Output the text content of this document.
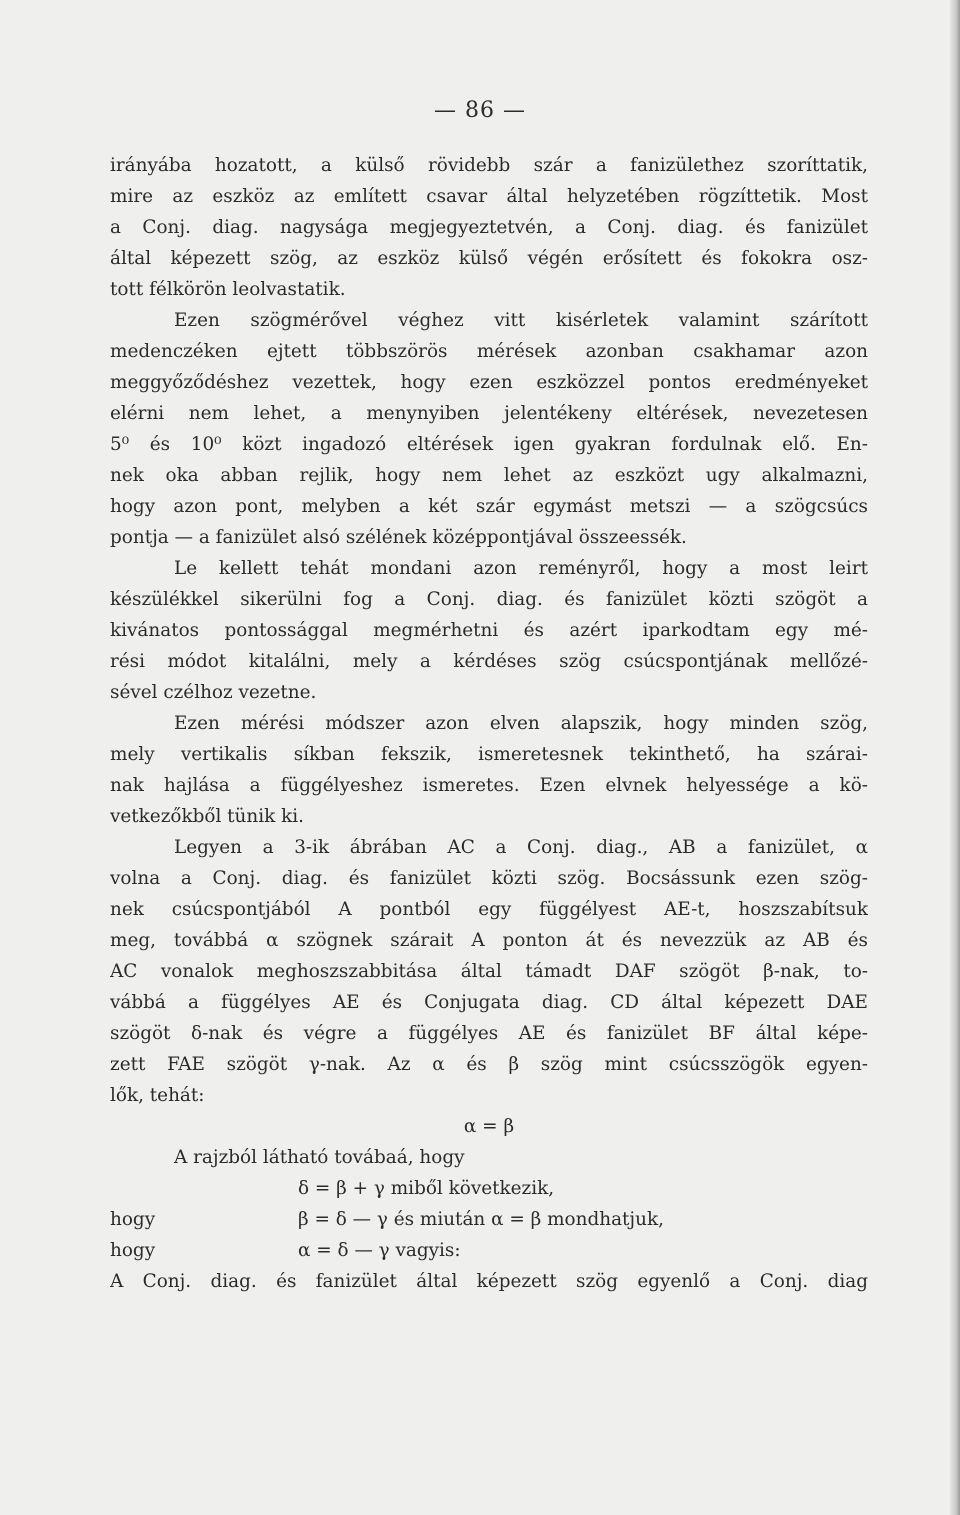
— 86 —
irányába hozatott, a külső rövidebb szár a fanizülethez szoríttatik,
mire az eszköz az említett csavar által helyzetében rögzíttetik. Most
a Conj. diag. nagysága megjegyeztetvén, a Conj. diag. és fanizület
által képezett szög, az eszköz külső végén erősített és fokokra osz-
tott félkörön leolvastatik.
Ezen szögmérővel véghez vitt kisérletek valamint szárított
medenczéken ejtett többszörös mérések azonban csakhamar azon
meggyőződéshez vezettek, hogy ezen eszközzel pontos eredményeket
elérni nem lehet, a menynyiben jelentékeny eltérések, nevezetesen
5⁰ és 10⁰ közt ingadozó eltérések igen gyakran fordulnak elő. En-
nek oka abban rejlik, hogy nem lehet az eszközt ugy alkalmazni,
hogy azon pont, melyben a két szár egymást metszi — a szögcsúcs
pontja — a fanizület alsó szélének középpontjával összeessék.
Le kellett tehát mondani azon reményről, hogy a most leirt
készülékkel sikerülni fog a Conj. diag. és fanizület közti szögöt a
kivánatos pontossággal megmérhetni és azért iparkodtam egy mé-
rési módot kitalálni, mely a kérdéses szög csúcspontjának mellőzé-
sével czélhoz vezetne.
Ezen mérési módszer azon elven alapszik, hogy minden szög,
mely vertikalis síkban fekszik, ismeretesnek tekinthető, ha szárai-
nak hajlása a függélyeshez ismeretes. Ezen elvnek helyessége a kö-
vetkezőkből tünik ki.
Legyen a 3-ik ábrában AC a Conj. diag., AB a fanizület, α
volna a Conj. diag. és fanizület közti szög. Bocsássunk ezen szög-
nek csúcspontjából A pontból egy függélyest AE-t, hoszszabítsuk
meg, továbbá α szögnek szárait A ponton át és nevezzük az AB és
AC vonalok meghoszszabbitása által támadt DAF szögöt β-nak, to-
vábbá a függélyes AE és Conjugata diag. CD által képezett DAE
szögöt δ-nak és végre a függélyes AE és fanizület BF által képe-
zett FAE szögöt γ-nak. Az α és β szög mint csúcsszögök egyen-
lők, tehát:
α = β
A rajzból látható továbaá, hogy
δ = β + γ miből következik,
hogy	β = δ — γ és miután α = β mondhatjuk,
hogy	α = δ — γ vagyis:
A Conj. diag. és fanizület által képezett szög egyenlő a Conj. diag
